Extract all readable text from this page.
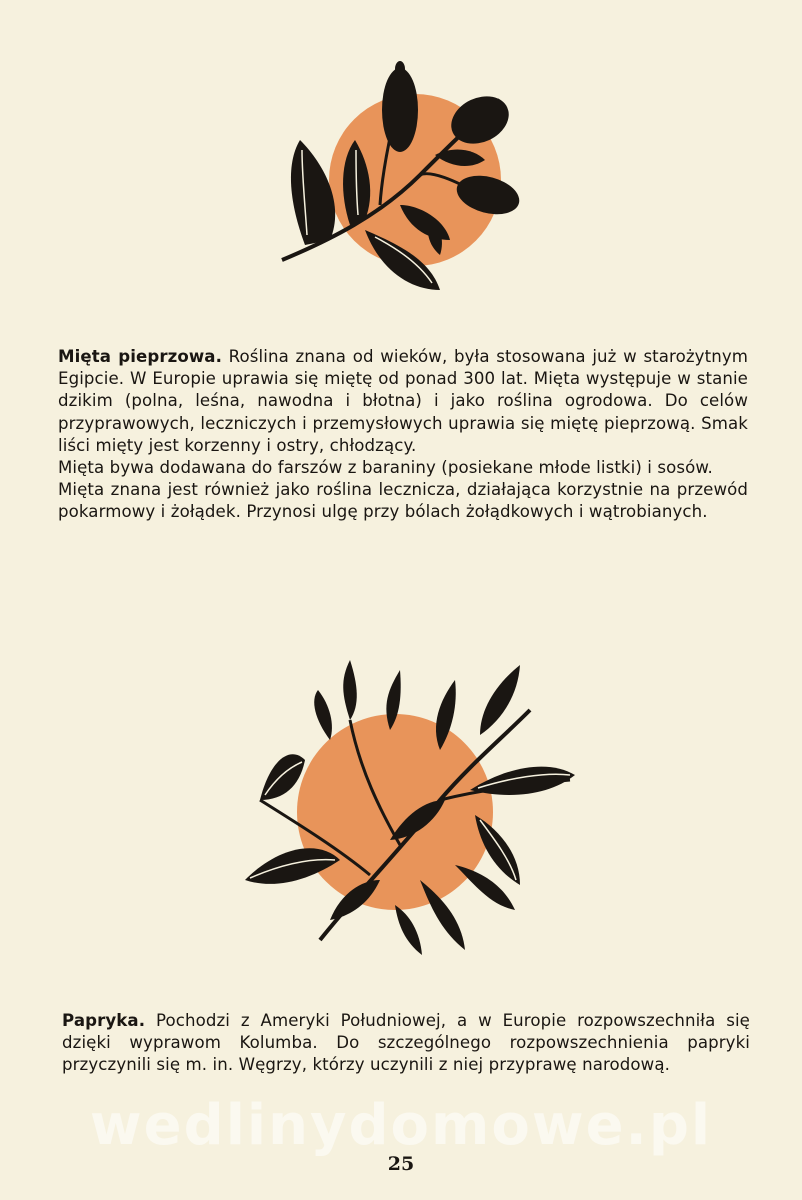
Mięta pieprzowa. Roślina znana od wieków, była stosowana już w starożytnym Egipcie. W Europie uprawia się miętę od ponad 300 lat. Mięta występuje w stanie dzikim (polna, leśna, nawodna i błotna) i jako roślina ogrodowa. Do celów przyprawowych, leczniczych i przemysłowych uprawia się miętę pieprzową. Smak liści mięty jest korzenny i ostry, chłodzący.

Mięta bywa dodawana do farszów z baraniny (posiekane młode listki) i sosów.

Mięta znana jest również jako roślina lecznicza, działająca korzystnie na przewód pokarmowy i żołądek. Przynosi ulgę przy bólach żołądkowych i wątrobianych.

Papryka. Pochodzi z Ameryki Południowej, a w Europie rozpowszechniła się dzięki wyprawom Kolumba. Do szczególnego rozpowszechnienia papryki przyczynili się m. in. Węgrzy, którzy uczynili z niej przyprawę narodową.

wedlinydomowe.pl
25
